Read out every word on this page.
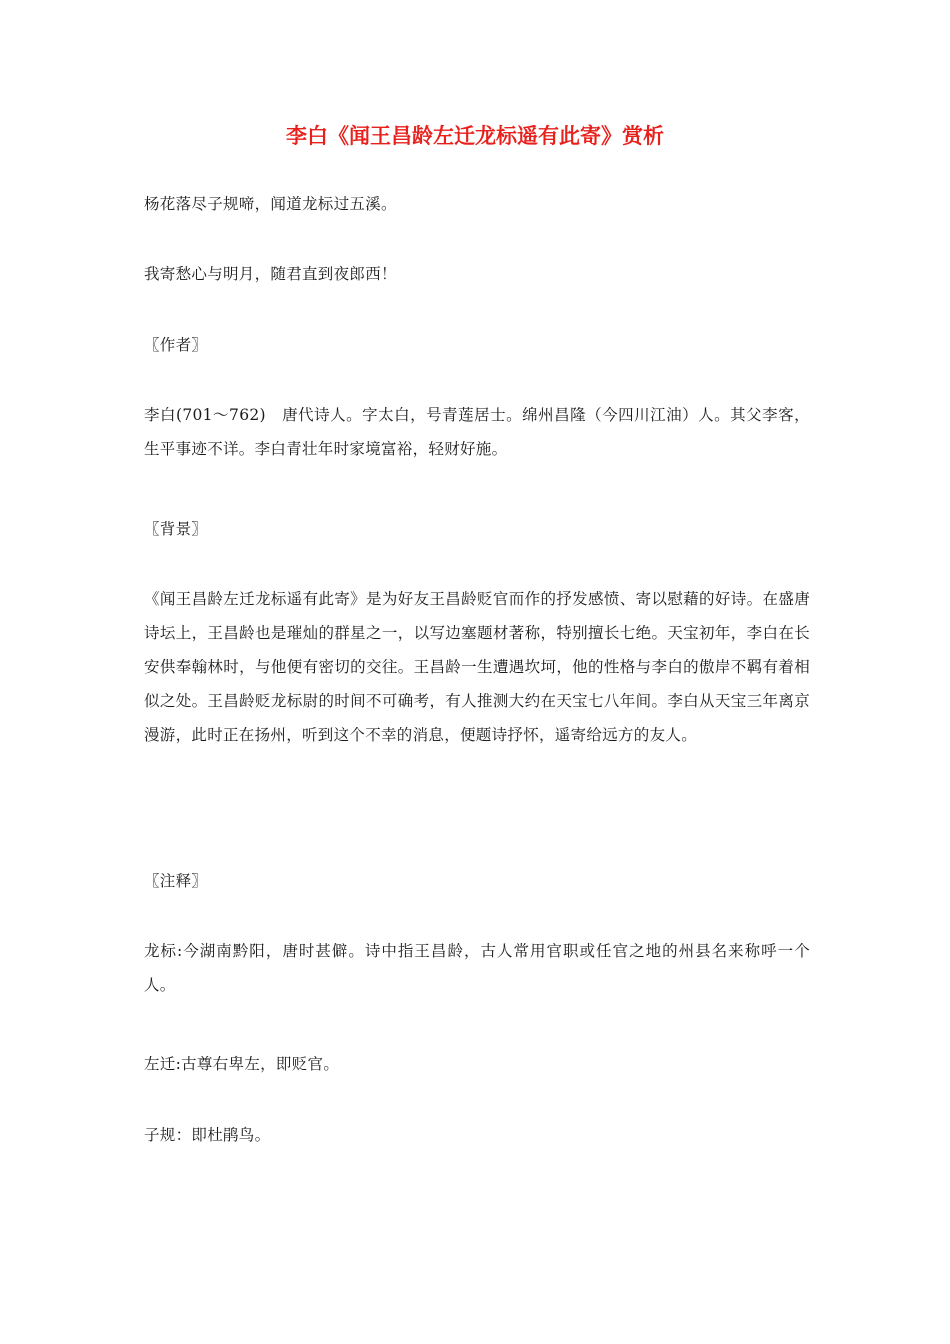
李白《闻王昌龄左迁龙标遥有此寄》赏析

杨花落尽子规啼，闻道龙标过五溪。

我寄愁心与明月，随君直到夜郎西！

〖作者〗

李白(701～762)　唐代诗人。字太白，号青莲居士。绵州昌隆（今四川江油）人。其父李客，生平事迹不详。李白青壮年时家境富裕，轻财好施。

〖背景〗

《闻王昌龄左迁龙标遥有此寄》是为好友王昌龄贬官而作的抒发感愤、寄以慰藉的好诗。在盛唐诗坛上，王昌龄也是璀灿的群星之一，以写边塞题材著称，特别擅长七绝。天宝初年，李白在长安供奉翰林时，与他便有密切的交往。王昌龄一生遭遇坎坷，他的性格与李白的傲岸不羁有着相似之处。王昌龄贬龙标尉的时间不可确考，有人推测大约在天宝七八年间。李白从天宝三年离京漫游，此时正在扬州，听到这个不幸的消息，便题诗抒怀，遥寄给远方的友人。

〖注释〗

龙标:今湖南黔阳，唐时甚僻。诗中指王昌龄，古人常用官职或任官之地的州县名来称呼一个人。

左迁:古尊右卑左，即贬官。

子规：即杜鹃鸟。
